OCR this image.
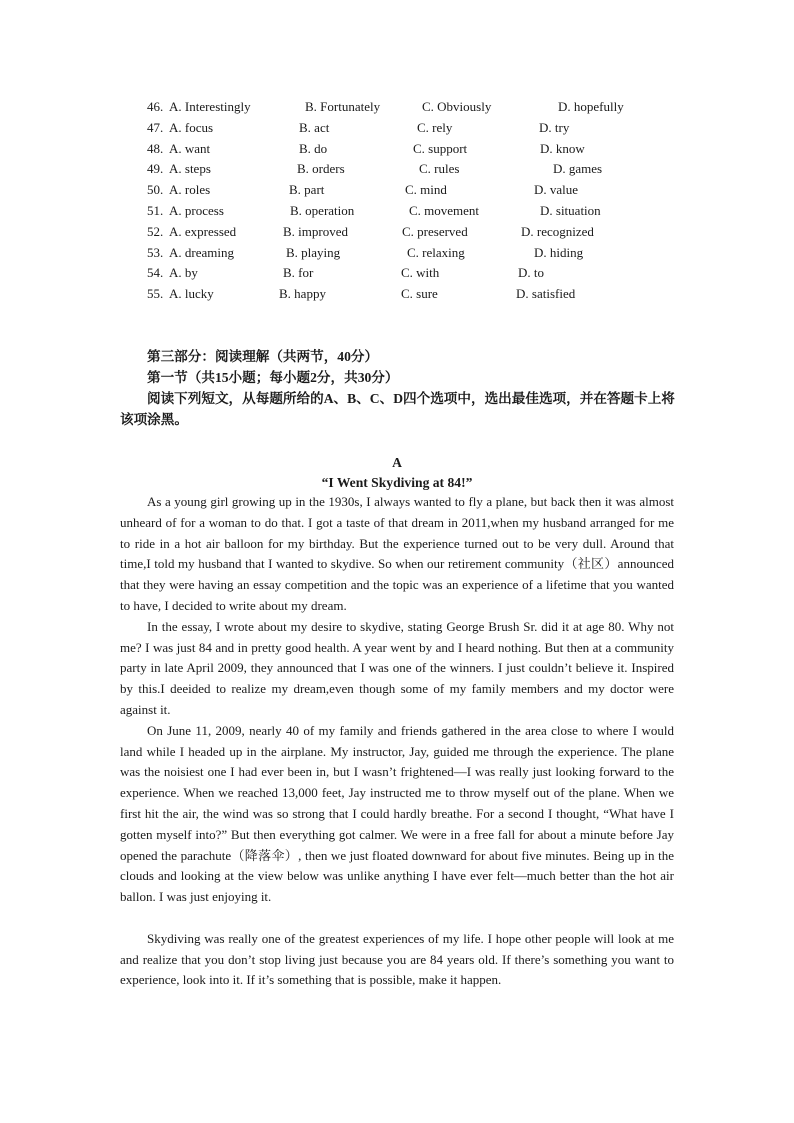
46. A. Interestingly	B. Fortunately	C. Obviously	D. hopefully
47. A. focus	B. act	C. rely	D. try
48. A. want	B. do	C. support	D. know
49. A. steps	B. orders	C. rules	D. games
50. A. roles	B. part	C. mind	D. value
51. A. process	B. operation	C. movement	D. situation
52. A. expressed	B. improved	C. preserved	D. recognized
53. A. dreaming	B. playing	C. relaxing	D. hiding
54. A. by	B. for	C. with	D. to
55. A. lucky	B. happy	C. sure	D. satisfied

第三部分：阅读理解（共两节，40分）

第一节（共15小题；每小题2分，共30分）

阅读下列短文，从每题所给的A、B、C、D四个选项中，选出最佳选项，并在答题卡上将该项涂黑。

A
“I Went Skydiving at 84!”

As a young girl growing up in the 1930s, I always wanted to fly a plane, but back then it was almost unheard of for a woman to do that. I got a taste of that dream in 2011,when my husband arranged for me to ride in a hot air balloon for my birthday. But the experience turned out to be very dull. Around that time,I told my husband that I wanted to skydive. So when our retirement community（社区）announced that they were having an essay competition and the topic was an experience of a lifetime that you wanted to have, I decided to write about my dream.

In the essay, I wrote about my desire to skydive, stating George Brush Sr. did it at age 80. Why not me? I was just 84 and in pretty good health. A year went by and I heard nothing. But then at a community party in late April 2009, they announced that I was one of the winners. I just couldn’t believe it. Inspired by this.I deeided to realize my dream,even though some of my family members and my doctor were against it.

On June 11, 2009, nearly 40 of my family and friends gathered in the area close to where I would land while I headed up in the airplane. My instructor, Jay, guided me through the experience. The plane was the noisiest one I had ever been in, but I wasn’t frightened—I was really just looking forward to the experience. When we reached 13,000 feet, Jay instructed me to throw myself out of the plane. When we first hit the air, the wind was so strong that I could hardly breathe. For a second I thought, “What have I gotten myself into?” But then everything got calmer. We were in a free fall for about a minute before Jay opened the parachute（降落伞）, then we just floated downward for about five minutes. Being up in the clouds and looking at the view below was unlike anything I have ever felt—much better than the hot air ballon. I was just enjoying it.

Skydiving was really one of the greatest experiences of my life. I hope other people will look at me and realize that you don’t stop living just because you are 84 years old. If there’s something you want to experience, look into it. If it’s something that is possible, make it happen.
